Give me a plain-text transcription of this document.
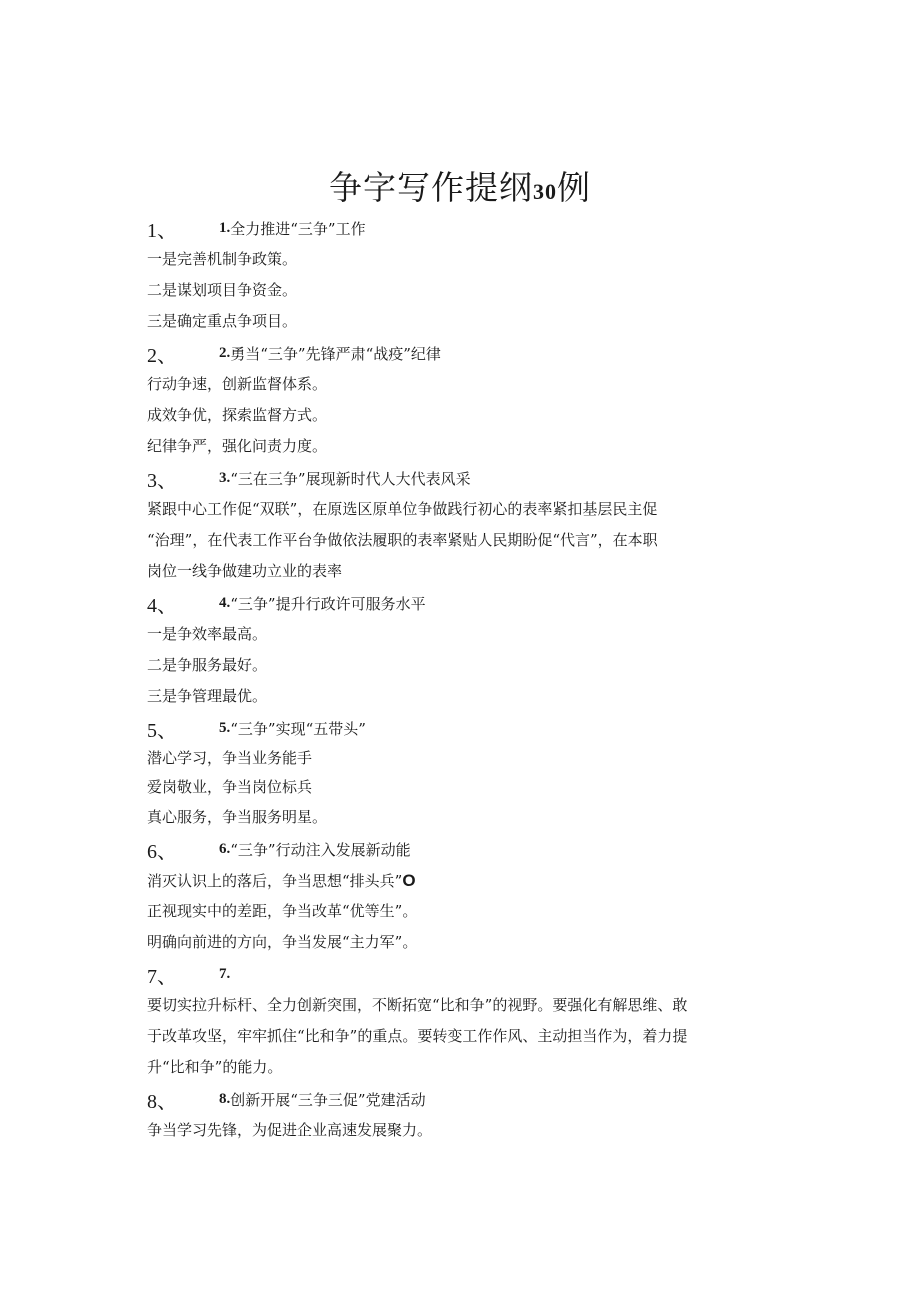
争字写作提纲30例
1、	1. 全力推进“三争”工作
一是完善机制争政策。
二是谋划项目争资金。
三是确定重点争项目。
2、	2. 勇当“三争”先锋严肃“战疫”纪律
行动争速，创新监督体系。
成效争优，探索监督方式。
纪律争严，强化问责力度。
3、	3. “三在三争”展现新时代人大代表风采
紧跟中心工作促“双联”，在原选区原单位争做践行初心的表率紧扣基层民主促
“治理”，在代表工作平台争做依法履职的表率紧贴人民期盼促“代言”，在本职
岗位一线争做建功立业的表率
4、	4. “三争”提升行政许可服务水平
一是争效率最高。
二是争服务最好。
三是争管理最优。
5、	5. “三争”实现“五带头”
潜心学习，争当业务能手
爱岗敬业，争当岗位标兵
真心服务，争当服务明星。
6、	6. “三争”行动注入发展新动能
消灭认识上的落后，争当思想“排头兵”O
正视现实中的差距，争当改革“优等生”。
明确向前进的方向，争当发展“主力军”。
7、	7.
要切实拉升标杆、全力创新突围，不断拓宽“比和争”的视野。要强化有解思维、敢
于改革攻坚，牢牢抓住“比和争”的重点。要转变工作作风、主动担当作为，着力提
升“比和争”的能力。
8、	8. 创新开展“三争三促”党建活动
争当学习先锋，为促进企业高速发展聚力。
